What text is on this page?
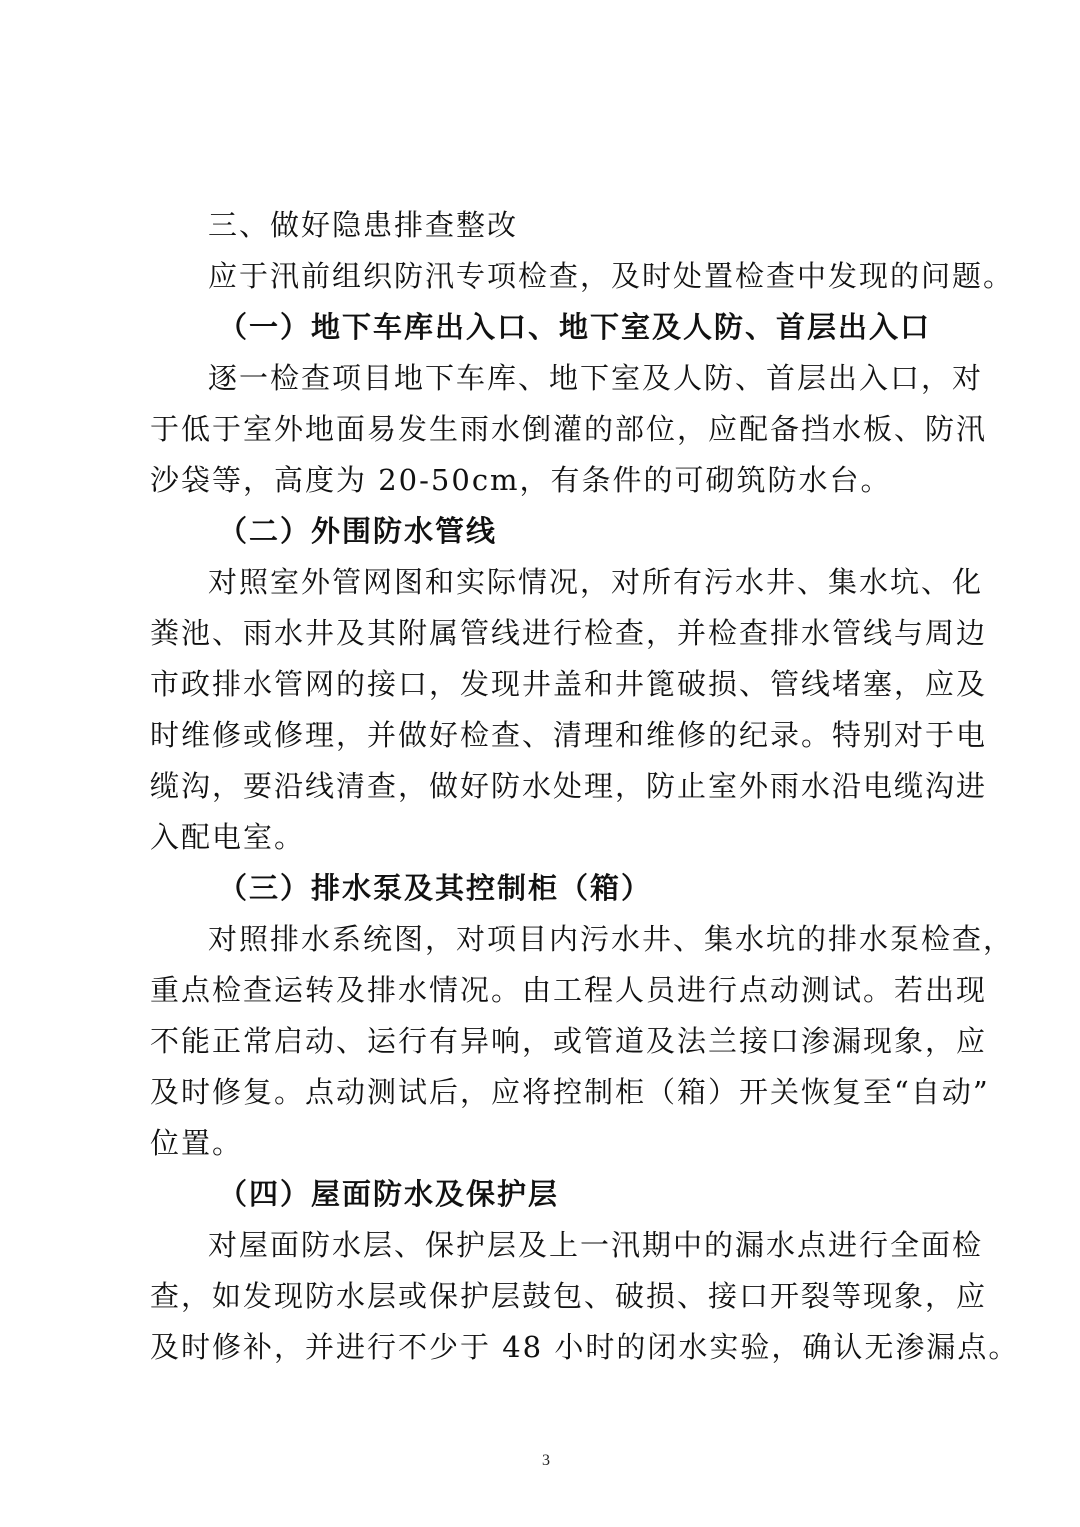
三、做好隐患排查整改
应于汛前组织防汛专项检查，及时处置检查中发现的问题。
（一）地下车库出入口、地下室及人防、首层出入口
逐一检查项目地下车库、地下室及人防、首层出入口，对
于低于室外地面易发生雨水倒灌的部位，应配备挡水板、防汛
沙袋等，高度为 20-50cm，有条件的可砌筑防水台。
（二）外围防水管线
对照室外管网图和实际情况，对所有污水井、集水坑、化
粪池、雨水井及其附属管线进行检查，并检查排水管线与周边
市政排水管网的接口，发现井盖和井篦破损、管线堵塞，应及
时维修或修理，并做好检查、清理和维修的纪录。特别对于电
缆沟，要沿线清查，做好防水处理，防止室外雨水沿电缆沟进
入配电室。
（三）排水泵及其控制柜（箱）
对照排水系统图，对项目内污水井、集水坑的排水泵检查，
重点检查运转及排水情况。由工程人员进行点动测试。若出现
不能正常启动、运行有异响，或管道及法兰接口渗漏现象，应
及时修复。点动测试后，应将控制柜（箱）开关恢复至“自动”
位置。
（四）屋面防水及保护层
对屋面防水层、保护层及上一汛期中的漏水点进行全面检
查，如发现防水层或保护层鼓包、破损、接口开裂等现象，应
及时修补，并进行不少于 48 小时的闭水实验，确认无渗漏点。
3
